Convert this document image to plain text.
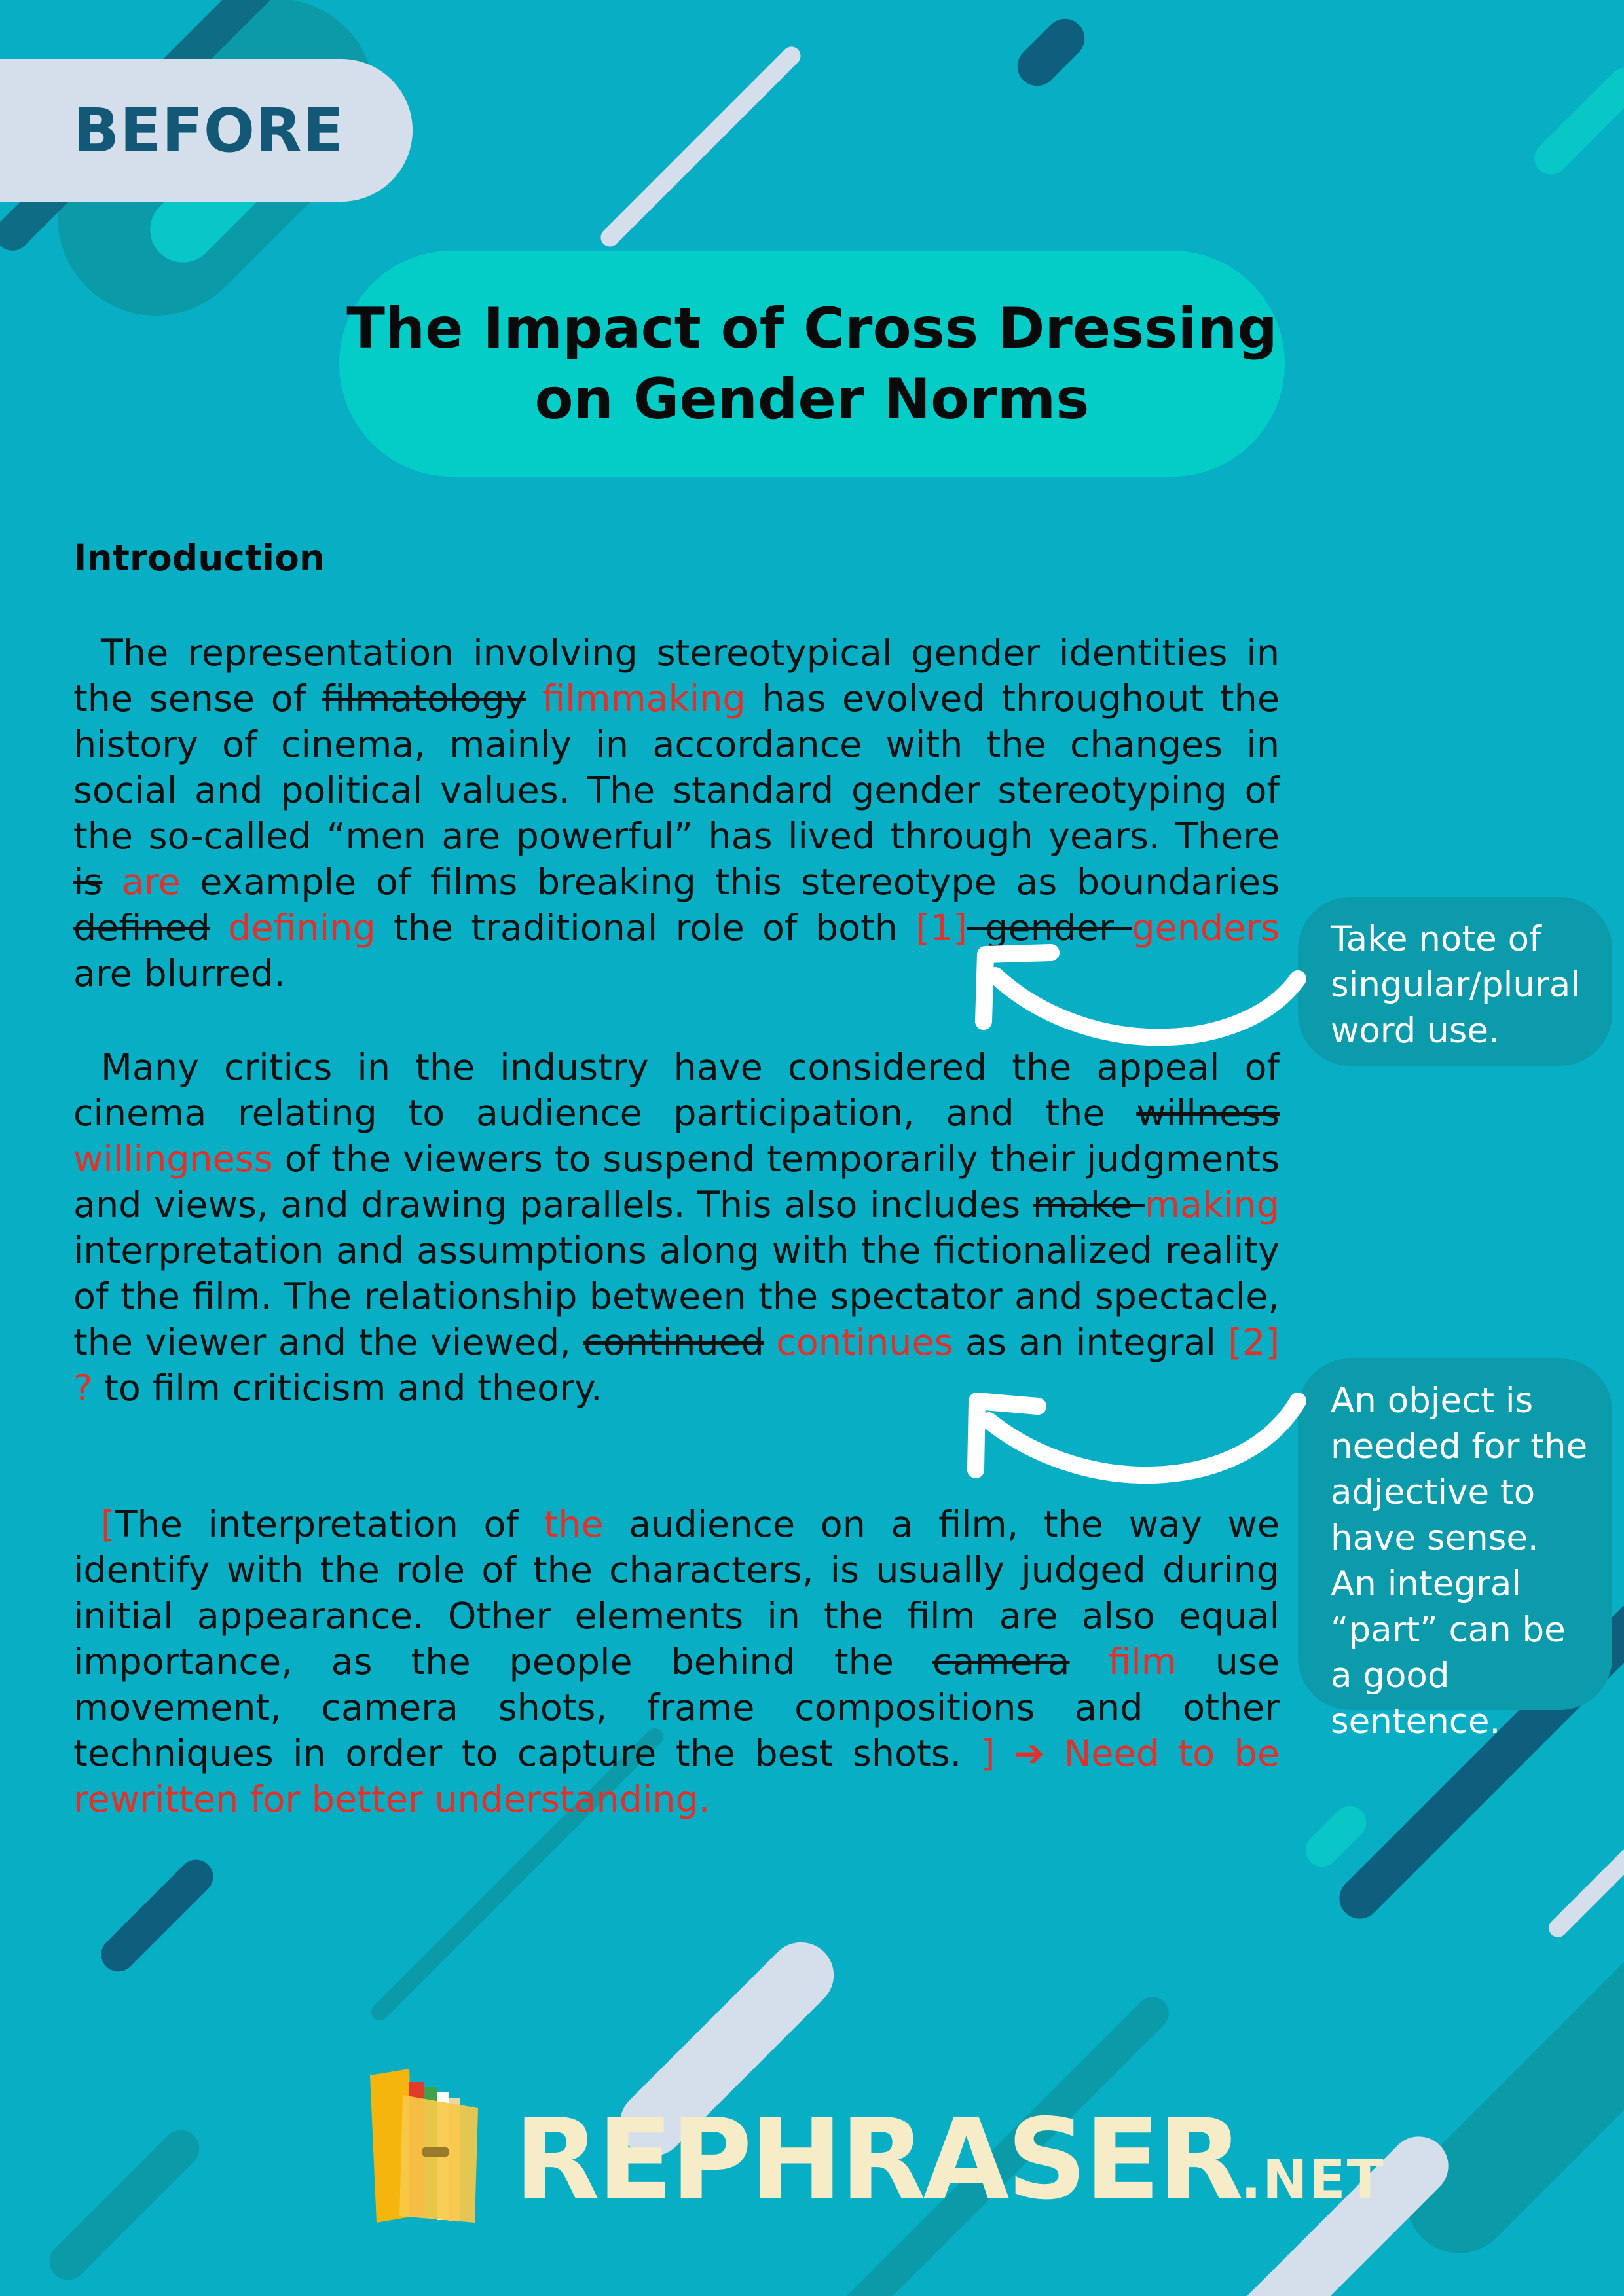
BEFORE
The Impact of Cross Dressing
on Gender Norms
Introduction

The representation involving stereotypical gender identities in the sense of filmatology filmmaking has evolved throughout the history of cinema, mainly in accordance with the changes in social and political values. The standard gender stereotyping of the so-called “men are powerful” has lived through years. There is are example of films breaking this stereotype as boundaries defined defining the traditional role of both [1] gender genders are blurred.

Many critics in the industry have considered the appeal of cinema relating to audience participation, and the willness willingness of the viewers to suspend temporarily their judgments and views, and drawing parallels. This also includes make making interpretation and assumptions along with the fictionalized reality of the film. The relationship between the spectator and spectacle, the viewer and the viewed, continued continues as an integral [2] ? to film criticism and theory.

[The interpretation of the audience on a film, the way we identify with the role of the characters, is usually judged during initial appearance. Other elements in the film are also equal importance, as the people behind the camera film use movement, camera shots, frame compositions and other techniques in order to capture the best shots. ] ➔ Need to be rewritten for better understanding.

Take note of singular/plural word use.
An object is needed for the adjective to have sense. An integral “part” can be a good sentence.
REPHRASER.NET
